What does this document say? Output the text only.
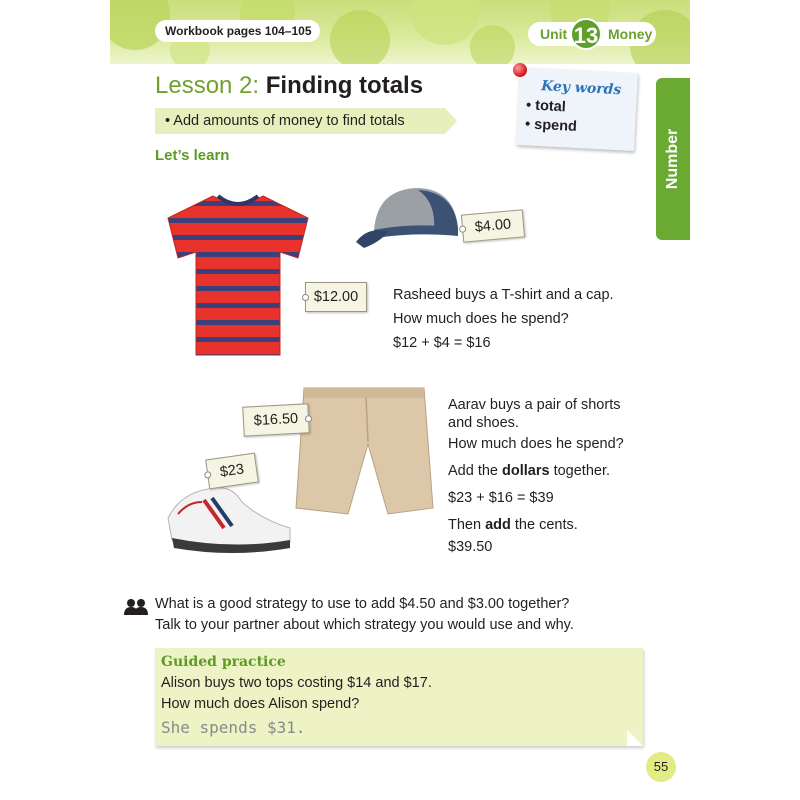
Workbook pages 104–105	Unit 13 Money
Number
Lesson 2: Finding totals
• Add amounts of money to find totals
Key words
• total
• spend
Let’s learn
$4.00
$12.00	Rasheed buys a T-shirt and a cap.
How much does he spend?
$12 + $4 = $16
$16.50
$23
Aarav buys a pair of shorts
and shoes.
How much does he spend?
Add the dollars together.
$23 + $16 = $39
Then add the cents.
$39.50
What is a good strategy to use to add $4.50 and $3.00 together?
Talk to your partner about which strategy you would use and why.
Guided practice
Alison buys two tops costing $14 and $17.
How much does Alison spend?
She spends $31.
55
